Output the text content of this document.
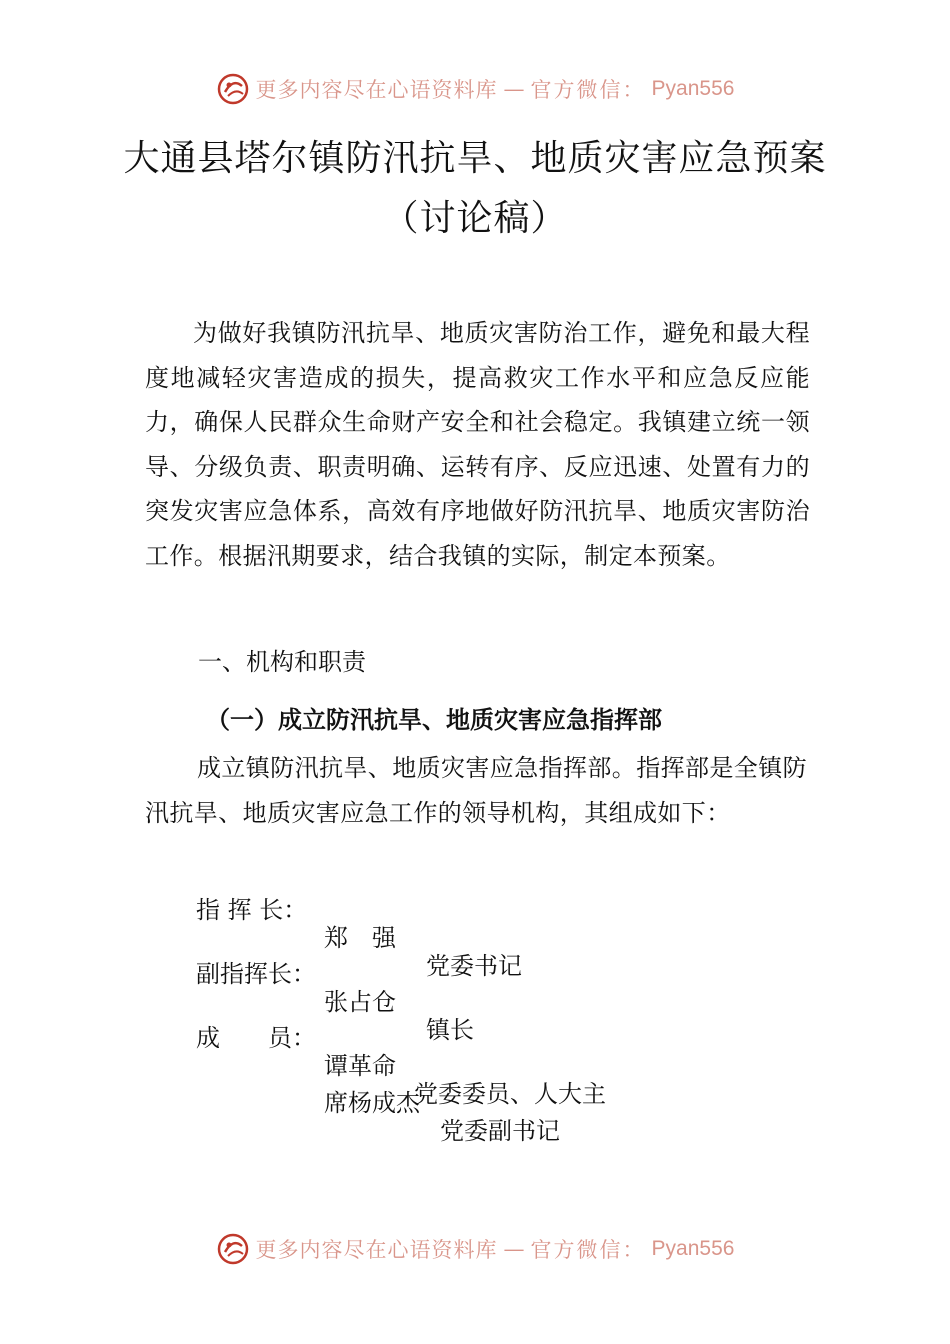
更多内容尽在心语资料库 — 官方微信： Pyan556
大通县塔尔镇防汛抗旱、地质灾害应急预案
（讨论稿）

为做好我镇防汛抗旱、地质灾害防治工作，避免和最大程度地减轻灾害造成的损失，提高救灾工作水平和应急反应能力，确保人民群众生命财产安全和社会稳定。我镇建立统一领导、分级负责、职责明确、运转有序、反应迅速、处置有力的突发灾害应急体系，高效有序地做好防汛抗旱、地质灾害防治工作。根据汛期要求，结合我镇的实际，制定本预案。

一、机构和职责
（一）成立防汛抗旱、地质灾害应急指挥部

成立镇防汛抗旱、地质灾害应急指挥部。指挥部是全镇防汛抗旱、地质灾害应急工作的领导机构，其组成如下：

指 挥 长：

郑　强

党委书记

副指挥长：

张占仓

镇长

成　　员：

谭革命

党委委员、人大主

席杨成杰

党委副书记

更多内容尽在心语资料库 — 官方微信： Pyan556
